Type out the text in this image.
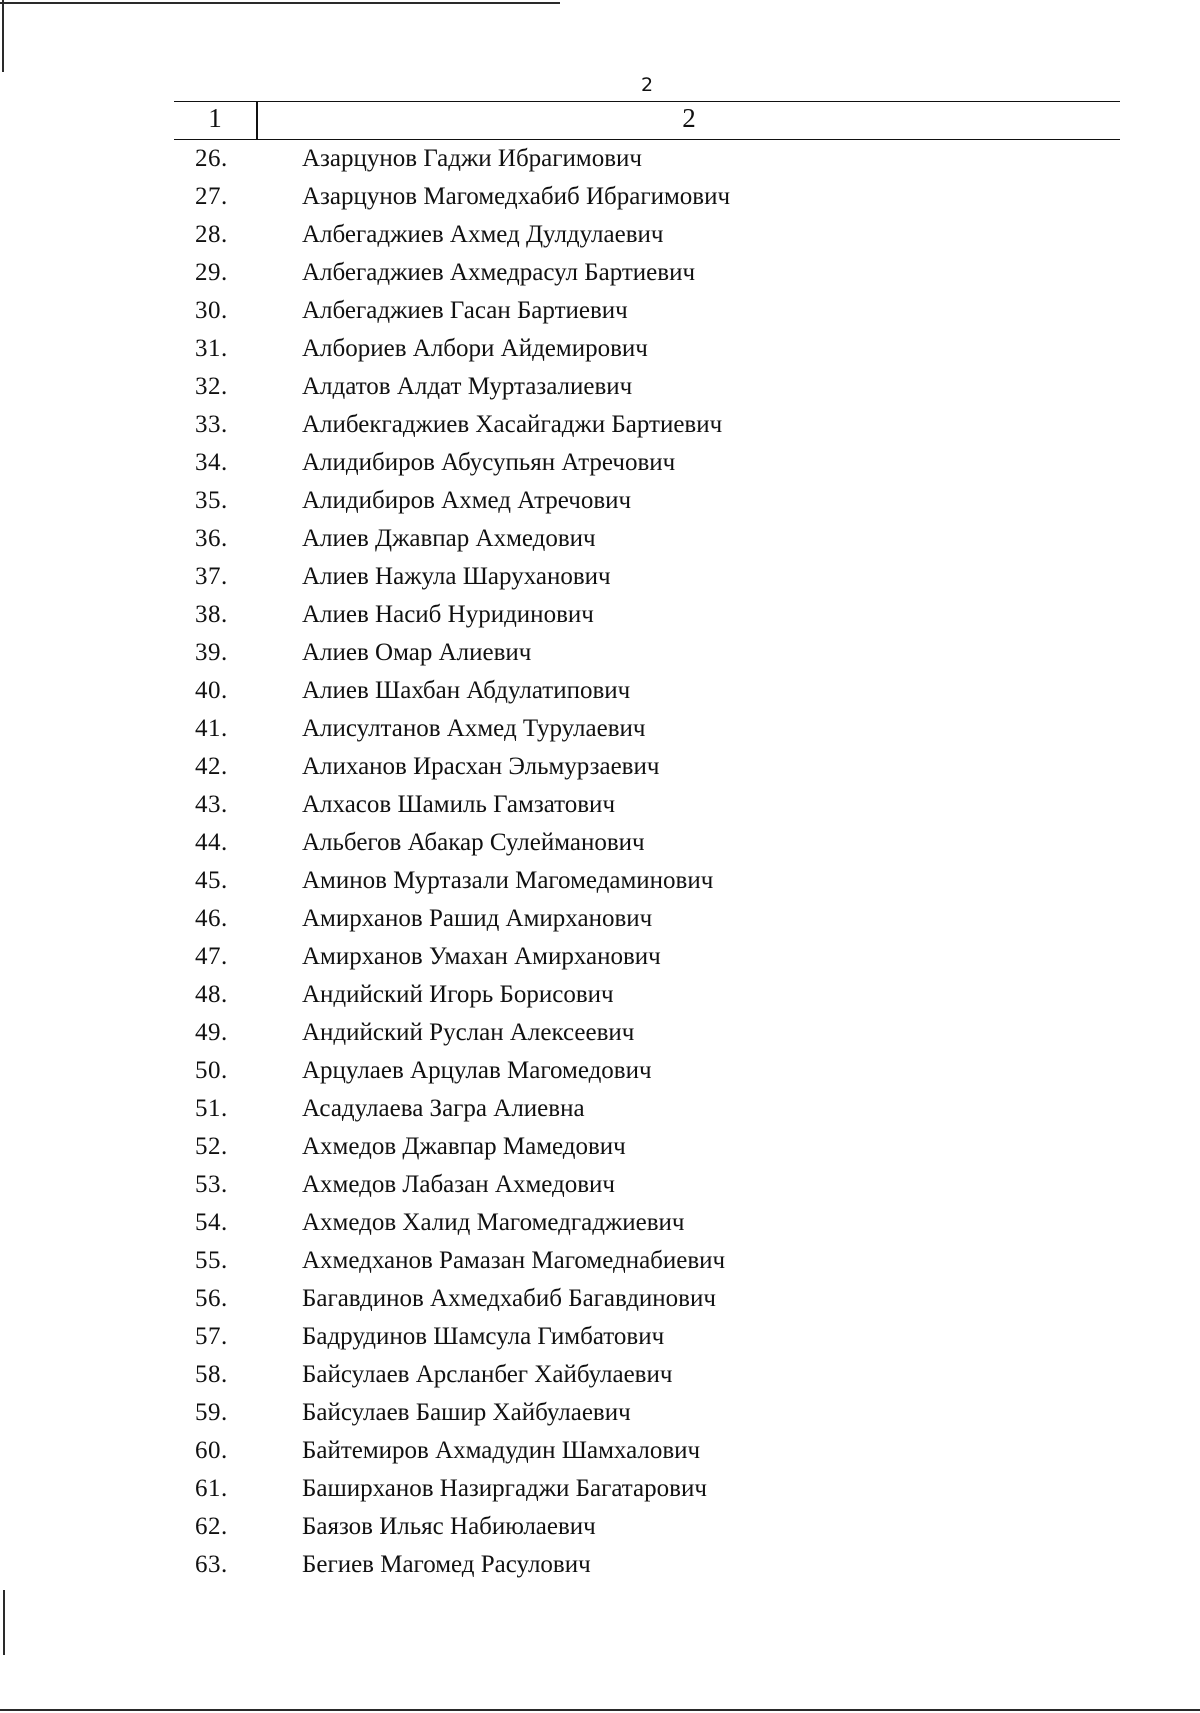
2
1	2
26.	Азарцунов Гаджи Ибрагимович
27.	Азарцунов Магомедхабиб Ибрагимович
28.	Албегаджиев Ахмед Дулдулаевич
29.	Албегаджиев Ахмедрасул Бартиевич
30.	Албегаджиев Гасан Бартиевич
31.	Албориев Албори Айдемирович
32.	Алдатов Алдат Муртазалиевич
33.	Алибекгаджиев Хасайгаджи Бартиевич
34.	Алидибиров Абусупьян Атречович
35.	Алидибиров Ахмед Атречович
36.	Алиев Джавпар Ахмедович
37.	Алиев Нажула Шаруханович
38.	Алиев Насиб Нуридинович
39.	Алиев Омар Алиевич
40.	Алиев Шахбан Абдулатипович
41.	Алисултанов Ахмед Турулаевич
42.	Алиханов Ирасхан Эльмурзаевич
43.	Алхасов Шамиль Гамзатович
44.	Альбегов Абакар Сулейманович
45.	Аминов Муртазали Магомедаминович
46.	Амирханов Рашид Амирханович
47.	Амирханов Умахан Амирханович
48.	Андийский Игорь Борисович
49.	Андийский Руслан Алексеевич
50.	Арцулаев Арцулав Магомедович
51.	Асадулаева Загра Алиевна
52.	Ахмедов Джавпар Мамедович
53.	Ахмедов Лабазан Ахмедович
54.	Ахмедов Халид Магомедгаджиевич
55.	Ахмедханов Рамазан Магомеднабиевич
56.	Багавдинов Ахмедхабиб Багавдинович
57.	Бадрудинов Шамсула Гимбатович
58.	Байсулаев Арсланбег Хайбулаевич
59.	Байсулаев Башир Хайбулаевич
60.	Байтемиров Ахмадудин Шамхалович
61.	Баширханов Назиргаджи Багатарович
62.	Баязов Ильяс Набиюлаевич
63.	Бегиев Магомед Расулович
